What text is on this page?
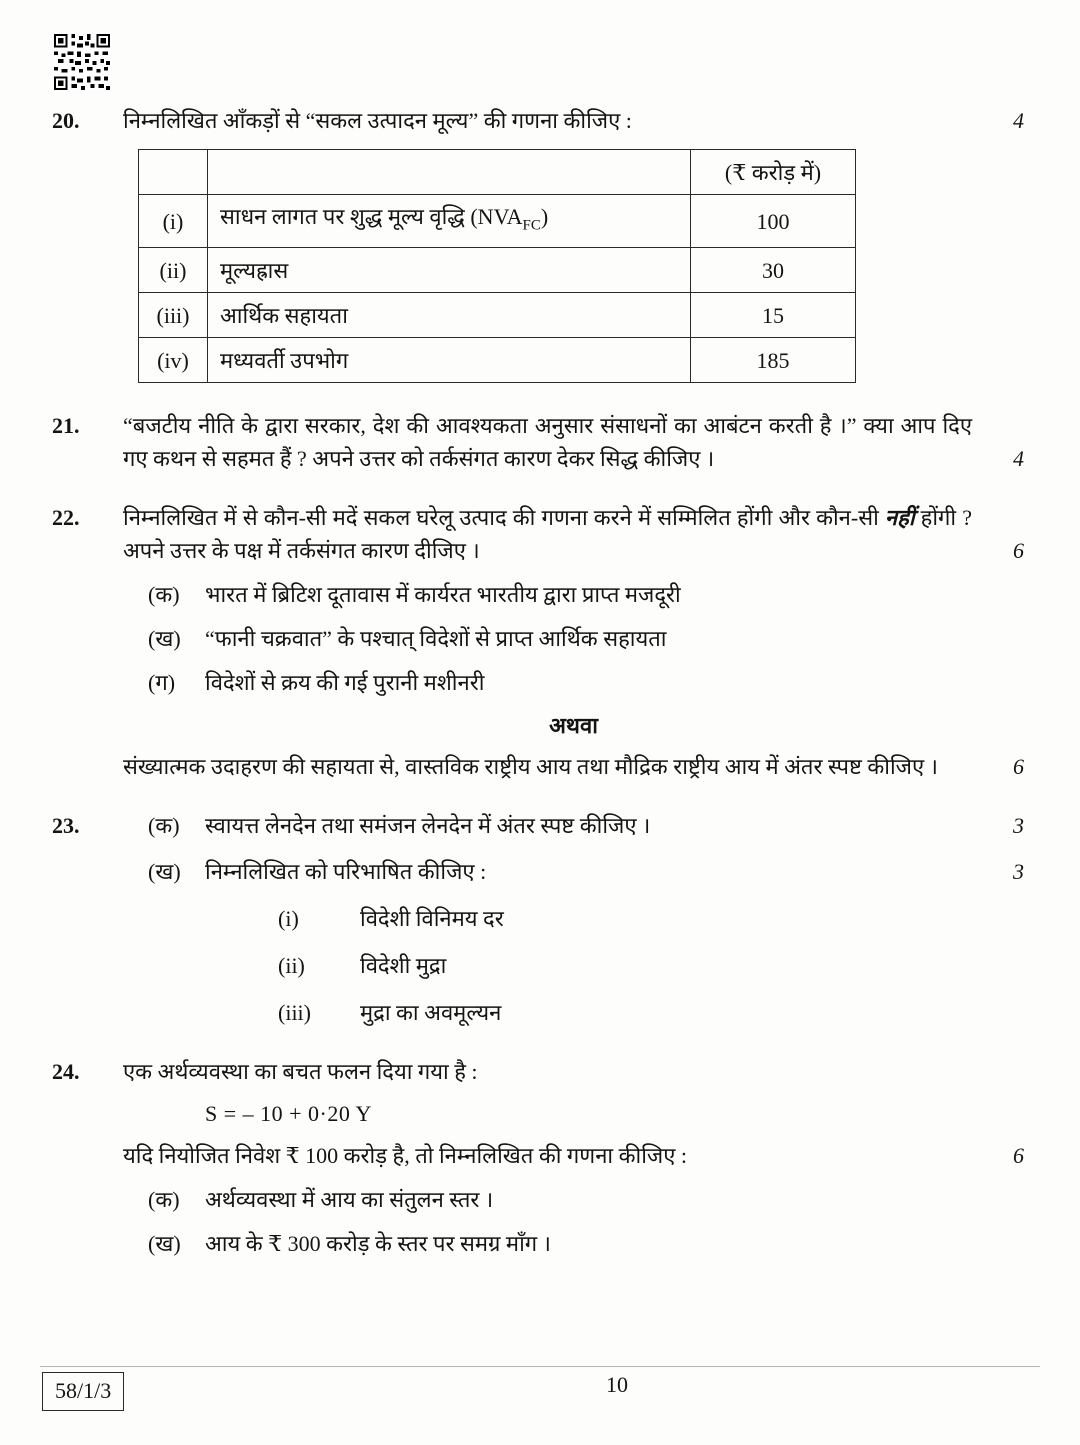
20.	निम्नलिखित आँकड़ों से “सकल उत्पादन मूल्य” की गणना कीजिए :	4
		(₹ करोड़ में)
(i)	साधन लागत पर शुद्ध मूल्य वृद्धि $(NVA_{FC})$	100
(ii)	मूल्यह्रास	30
(iii)	आर्थिक सहायता	15
(iv)	मध्यवर्ती उपभोग	185
21.	“बजटीय नीति के द्वारा सरकार, देश की आवश्यकता अनुसार संसाधनों का आबंटन करती है ।” क्या आप दिए गए कथन से सहमत हैं ? अपने उत्तर को तर्कसंगत कारण देकर सिद्ध कीजिए ।	4
22.	निम्नलिखित में से कौन-सी मदें सकल घरेलू उत्पाद की गणना करने में सम्मिलित होंगी और कौन-सी नहीं होंगी ? अपने उत्तर के पक्ष में तर्कसंगत कारण दीजिए ।	6
(क)	भारत में ब्रिटिश दूतावास में कार्यरत भारतीय द्वारा प्राप्त मजदूरी
(ख)	“फानी चक्रवात” के पश्चात् विदेशों से प्राप्त आर्थिक सहायता
(ग)	विदेशों से क्रय की गई पुरानी मशीनरी
अथवा

संख्यात्मक उदाहरण की सहायता से, वास्तविक राष्ट्रीय आय तथा मौद्रिक राष्ट्रीय आय में अंतर स्पष्ट कीजिए ।	6
23.	(क)	स्वायत्त लेनदेन तथा समंजन लेनदेन में अंतर स्पष्ट कीजिए ।	3
(ख)	निम्नलिखित को परिभाषित कीजिए :	3
(i)	विदेशी विनिमय दर
(ii)	विदेशी मुद्रा
(iii)	मुद्रा का अवमूल्यन
24.	एक अर्थव्यवस्था का बचत फलन दिया गया है :
S = – 10 + 0·20 Y

यदि नियोजित निवेश ₹ 100 करोड़ है, तो निम्नलिखित की गणना कीजिए :	6
(क)	अर्थव्यवस्था में आय का संतुलन स्तर ।
(ख)	आय के ₹ 300 करोड़ के स्तर पर समग्र माँग ।
58/1/3	10
